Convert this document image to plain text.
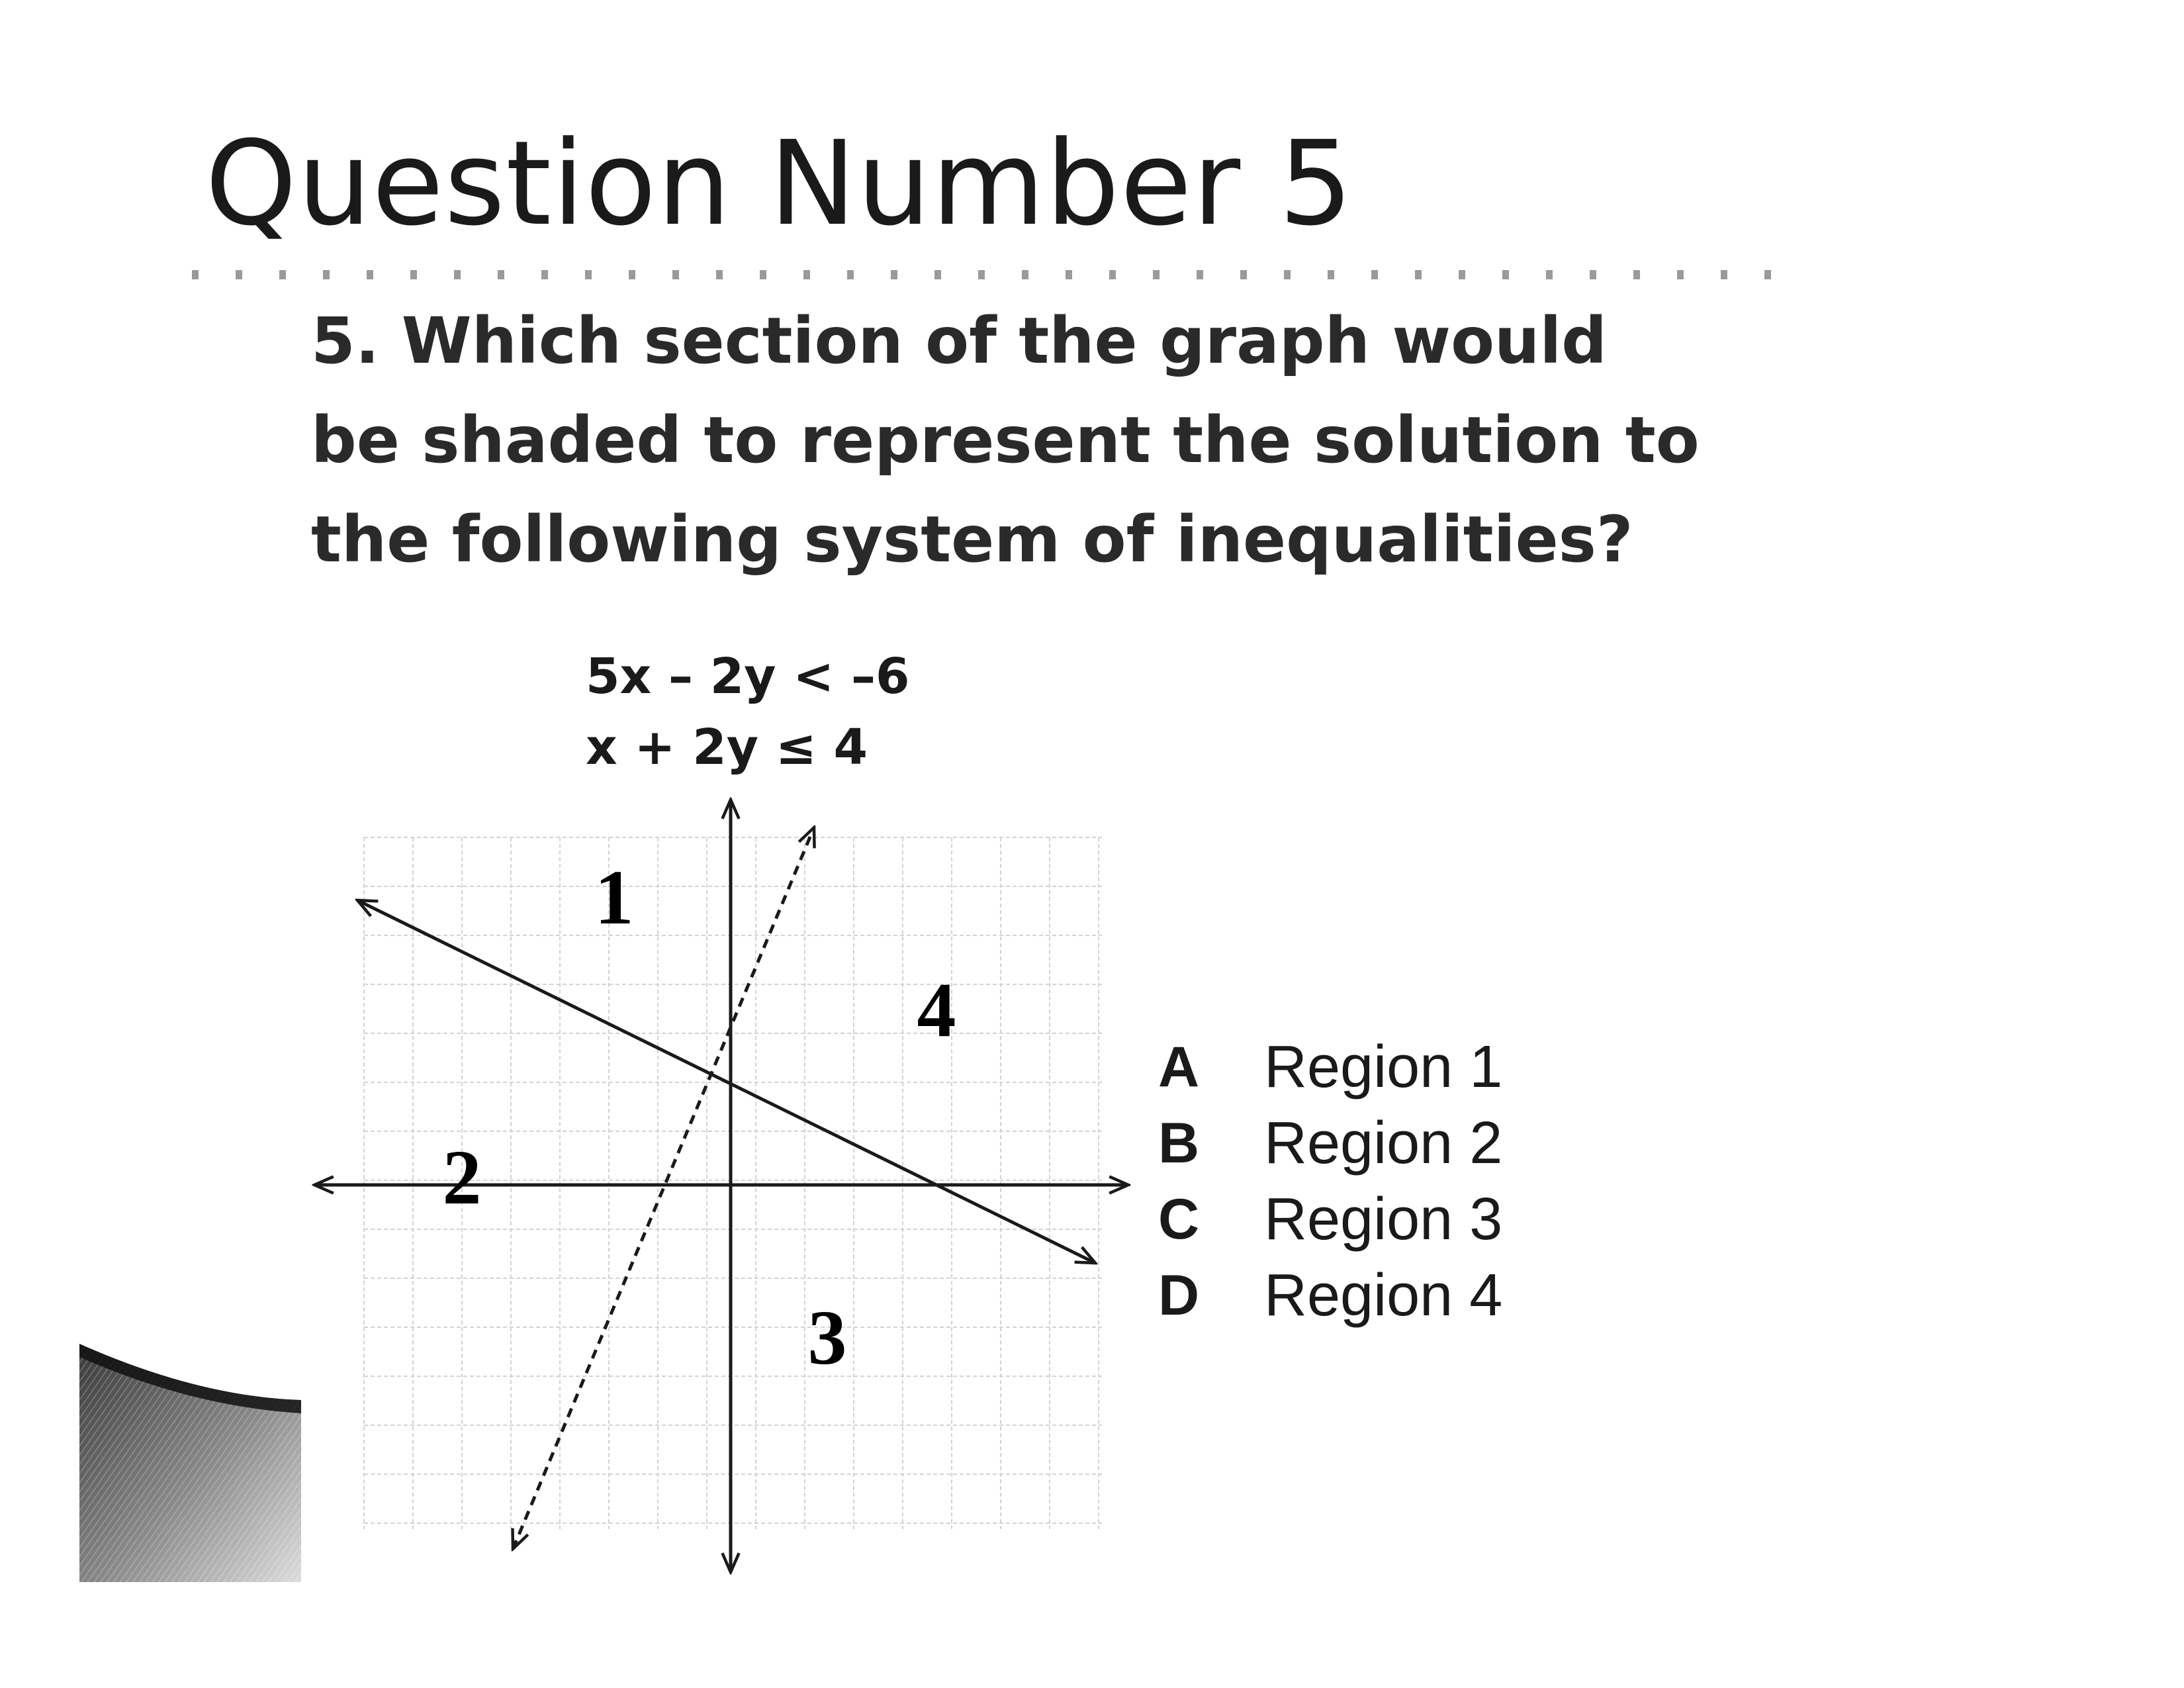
Question Number 5
5. Which section of the graph would be shaded to represent the solution to the following system of inequalities?
5x – 2y < –6
x + 2y ≤ 4
1
2
3
4
A	Region 1
B	Region 2
C	Region 3
D	Region 4
